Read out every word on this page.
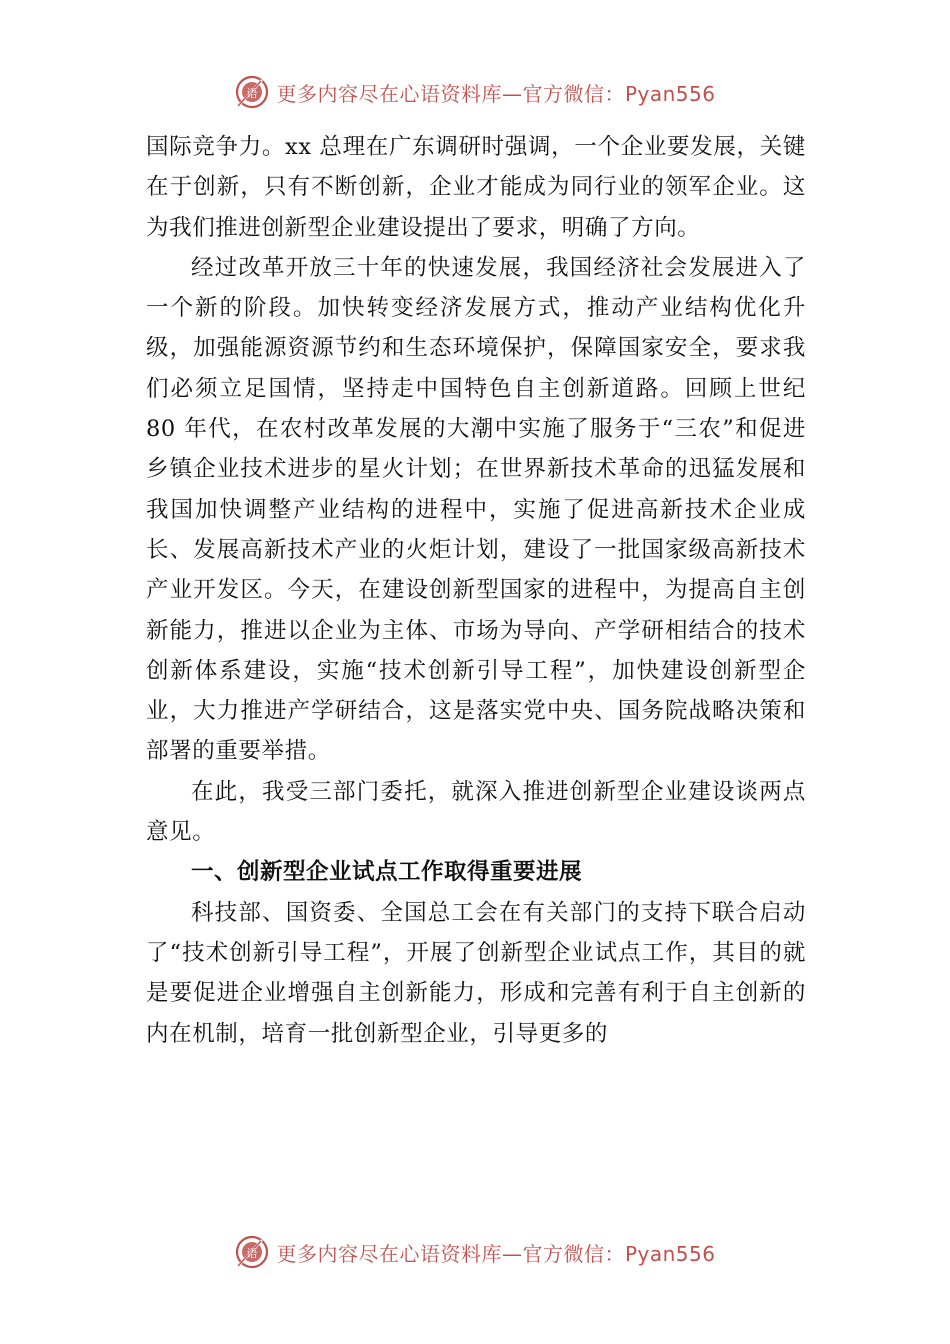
语 更多内容尽在心语资料库—官方微信：Pyan556

国际竞争力。xx 总理在广东调研时强调，一个企业要发展，关键在于创新，只有不断创新，企业才能成为同行业的领军企业。这为我们推进创新型企业建设提出了要求，明确了方向。

经过改革开放三十年的快速发展，我国经济社会发展进入了一个新的阶段。加快转变经济发展方式，推动产业结构优化升级，加强能源资源节约和生态环境保护，保障国家安全，要求我们必须立足国情，坚持走中国特色自主创新道路。回顾上世纪 80 年代，在农村改革发展的大潮中实施了服务于“三农”和促进乡镇企业技术进步的星火计划；在世界新技术革命的迅猛发展和我国加快调整产业结构的进程中，实施了促进高新技术企业成长、发展高新技术产业的火炬计划，建设了一批国家级高新技术产业开发区。今天，在建设创新型国家的进程中，为提高自主创新能力，推进以企业为主体、市场为导向、产学研相结合的技术创新体系建设，实施“技术创新引导工程”，加快建设创新型企业，大力推进产学研结合，这是落实党中央、国务院战略决策和部署的重要举措。

在此，我受三部门委托，就深入推进创新型企业建设谈两点意见。

一、创新型企业试点工作取得重要进展

科技部、国资委、全国总工会在有关部门的支持下联合启动了“技术创新引导工程”，开展了创新型企业试点工作，其目的就是要促进企业增强自主创新能力，形成和完善有利于自主创新的内在机制，培育一批创新型企业，引导更多的

语 更多内容尽在心语资料库—官方微信：Pyan556
